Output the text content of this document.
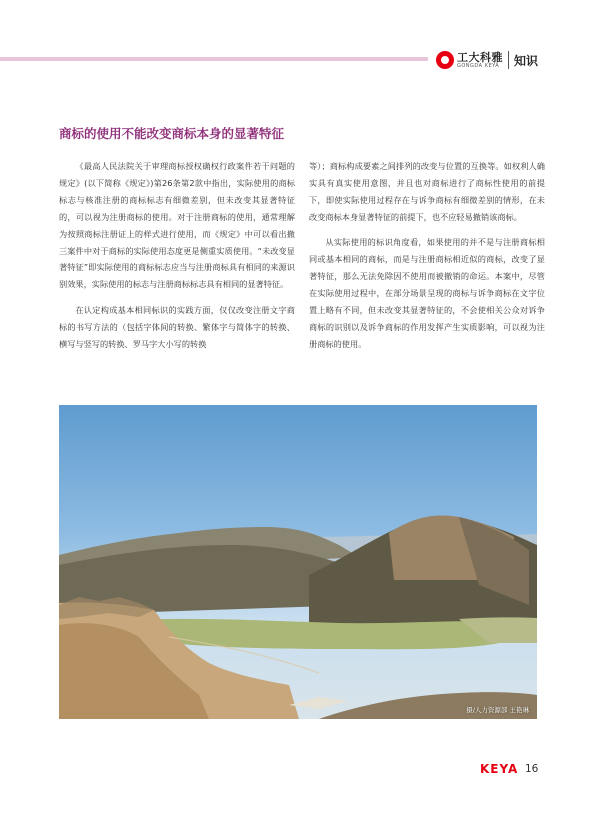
工大科雅
GONGDA KEYA	知识
商标的使用不能改变商标本身的显著特征

《最高人民法院关于审理商标授权确权行政案件若干问题的规定》(以下简称《规定》)第26条第2款中指出，实际使用的商标标志与核准注册的商标标志有细微差别，但未改变其显著特征的，可以视为注册商标的使用。对于注册商标的使用，通常理解为按照商标注册证上的样式进行使用，而《规定》中可以看出撤三案件中对于商标的实际使用态度更是侧重实质使用。“未改变显著特征”即实际使用的商标标志应当与注册商标具有相同的来源识别效果，实际使用的标志与注册商标标志具有相同的显著特征。

在认定构成基本相同标识的实践方面，仅仅改变注册文字商标的书写方法的（包括字体间的转换、繁体字与简体字的转换、横写与竖写的转换、罗马字大小写的转换

等）；商标构成要素之间排列的改变与位置的互换等。如权利人确实具有真实使用意图，并且也对商标进行了商标性使用的前提下，即使实际使用过程存在与诉争商标有细微差别的情形，在未改变商标本身显著特征的前提下，也不应轻易撤销该商标。

从实际使用的标识角度看，如果使用的并不是与注册商标相同或基本相同的商标，而是与注册商标相近似的商标，改变了显著特征，那么无法免除因不使用而被撤销的命运。本案中，尽管在实际使用过程中，在部分场景呈现的商标与诉争商标在文字位置上略有不同，但未改变其显著特征的，不会使相关公众对诉争商标的识别以及诉争商标的作用发挥产生实质影响，可以视为注册商标的使用。

摄/人力资源部 王艳琳
KEYA 16
